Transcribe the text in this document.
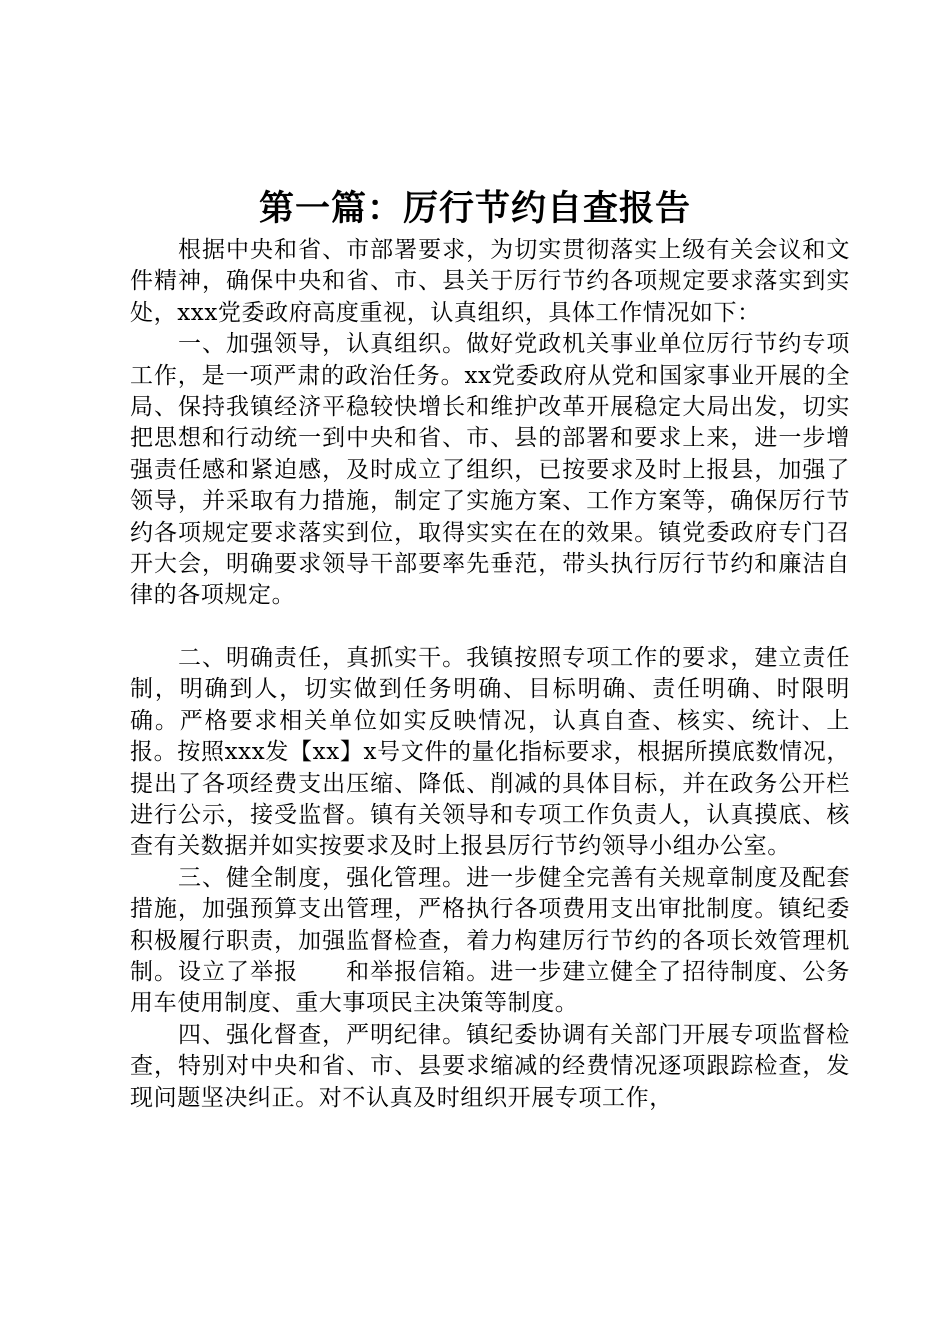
第一篇：厉行节约自查报告

根据中央和省、市部署要求，为切实贯彻落实上级有关会议和文件精神，确保中央和省、市、县关于厉行节约各项规定要求落实到实处，xxx党委政府高度重视，认真组织，具体工作情况如下：

一、加强领导，认真组织。做好党政机关事业单位厉行节约专项工作，是一项严肃的政治任务。xx党委政府从党和国家事业开展的全局、保持我镇经济平稳较快增长和维护改革开展稳定大局出发，切实把思想和行动统一到中央和省、市、县的部署和要求上来，进一步增强责任感和紧迫感，及时成立了组织，已按要求及时上报县，加强了领导，并采取有力措施，制定了实施方案、工作方案等，确保厉行节约各项规定要求落实到位，取得实实在在的效果。镇党委政府专门召开大会，明确要求领导干部要率先垂范，带头执行厉行节约和廉洁自律的各项规定。

二、明确责任，真抓实干。我镇按照专项工作的要求，建立责任制，明确到人，切实做到任务明确、目标明确、责任明确、时限明确。严格要求相关单位如实反映情况，认真自查、核实、统计、上报。按照xxx发【xx】x号文件的量化指标要求，根据所摸底数情况，提出了各项经费支出压缩、降低、削减的具体目标，并在政务公开栏进行公示，接受监督。镇有关领导和专项工作负责人，认真摸底、核查有关数据并如实按要求及时上报县厉行节约领导小组办公室。

三、健全制度，强化管理。进一步健全完善有关规章制度及配套措施，加强预算支出管理，严格执行各项费用支出审批制度。镇纪委积极履行职责，加强监督检查，着力构建厉行节约的各项长效管理机制。设立了举报　　和举报信箱。进一步建立健全了招待制度、公务用车使用制度、重大事项民主决策等制度。

四、强化督查，严明纪律。镇纪委协调有关部门开展专项监督检查，特别对中央和省、市、县要求缩减的经费情况逐项跟踪检查，发现问题坚决纠正。对不认真及时组织开展专项工作，
